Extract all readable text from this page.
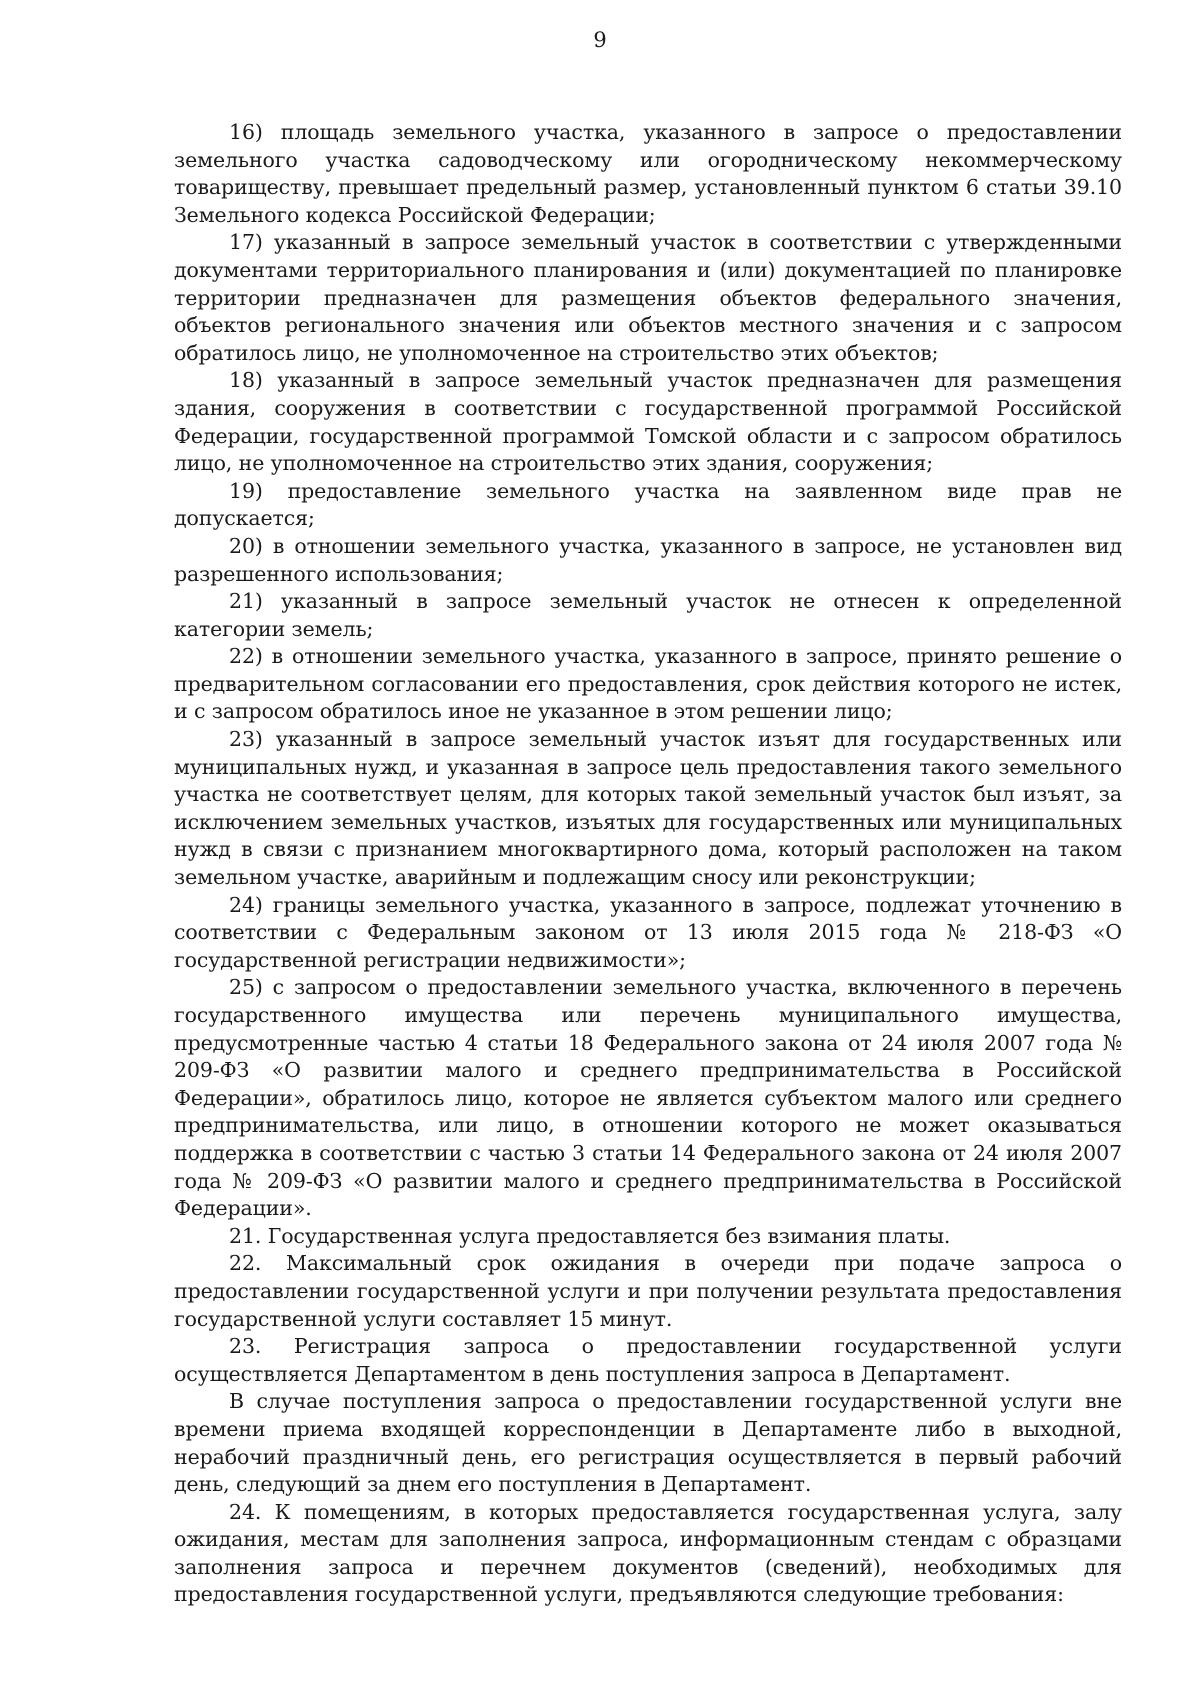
9

16) площадь земельного участка, указанного в запросе о предоставлении земельного участка садоводческому или огородническому некоммерческому товариществу, превышает предельный размер, установленный пунктом 6 статьи 39.10 Земельного кодекса Российской Федерации;

17) указанный в запросе земельный участок в соответствии с утвержденными документами территориального планирования и (или) документацией по планировке территории предназначен для размещения объектов федерального значения, объектов регионального значения или объектов местного значения и с запросом обратилось лицо, не уполномоченное на строительство этих объектов;

18) указанный в запросе земельный участок предназначен для размещения здания, сооружения в соответствии с государственной программой Российской Федерации, государственной программой Томской области и с запросом обратилось лицо, не уполномоченное на строительство этих здания, сооружения;

19) предоставление земельного участка на заявленном виде прав не допускается;

20) в отношении земельного участка, указанного в запросе, не установлен вид разрешенного использования;

21) указанный в запросе земельный участок не отнесен к определенной категории земель;

22) в отношении земельного участка, указанного в запросе, принято решение о предварительном согласовании его предоставления, срок действия которого не истек, и с запросом обратилось иное не указанное в этом решении лицо;

23) указанный в запросе земельный участок изъят для государственных или муниципальных нужд, и указанная в запросе цель предоставления такого земельного участка не соответствует целям, для которых такой земельный участок был изъят, за исключением земельных участков, изъятых для государственных или муниципальных нужд в связи с признанием многоквартирного дома, который расположен на таком земельном участке, аварийным и подлежащим сносу или реконструкции;

24) границы земельного участка, указанного в запросе, подлежат уточнению в соответствии с Федеральным законом от 13 июля 2015 года № 218-ФЗ «О государственной регистрации недвижимости»;

25) с запросом о предоставлении земельного участка, включенного в перечень государственного имущества или перечень муниципального имущества, предусмотренные частью 4 статьи 18 Федерального закона от 24 июля 2007 года № 209-ФЗ «О развитии малого и среднего предпринимательства в Российской Федерации», обратилось лицо, которое не является субъектом малого или среднего предпринимательства, или лицо, в отношении которого не может оказываться поддержка в соответствии с частью 3 статьи 14 Федерального закона от 24 июля 2007 года № 209-ФЗ «О развитии малого и среднего предпринимательства в Российской Федерации».

21. Государственная услуга предоставляется без взимания платы.

22. Максимальный срок ожидания в очереди при подаче запроса о предоставлении государственной услуги и при получении результата предоставления государственной услуги составляет 15 минут.

23. Регистрация запроса о предоставлении государственной услуги осуществляется Департаментом в день поступления запроса в Департамент.

В случае поступления запроса о предоставлении государственной услуги вне времени приема входящей корреспонденции в Департаменте либо в выходной, нерабочий праздничный день, его регистрация осуществляется в первый рабочий день, следующий за днем его поступления в Департамент.

24. К помещениям, в которых предоставляется государственная услуга, залу ожидания, местам для заполнения запроса, информационным стендам с образцами заполнения запроса и перечнем документов (сведений), необходимых для предоставления государственной услуги, предъявляются следующие требования:
